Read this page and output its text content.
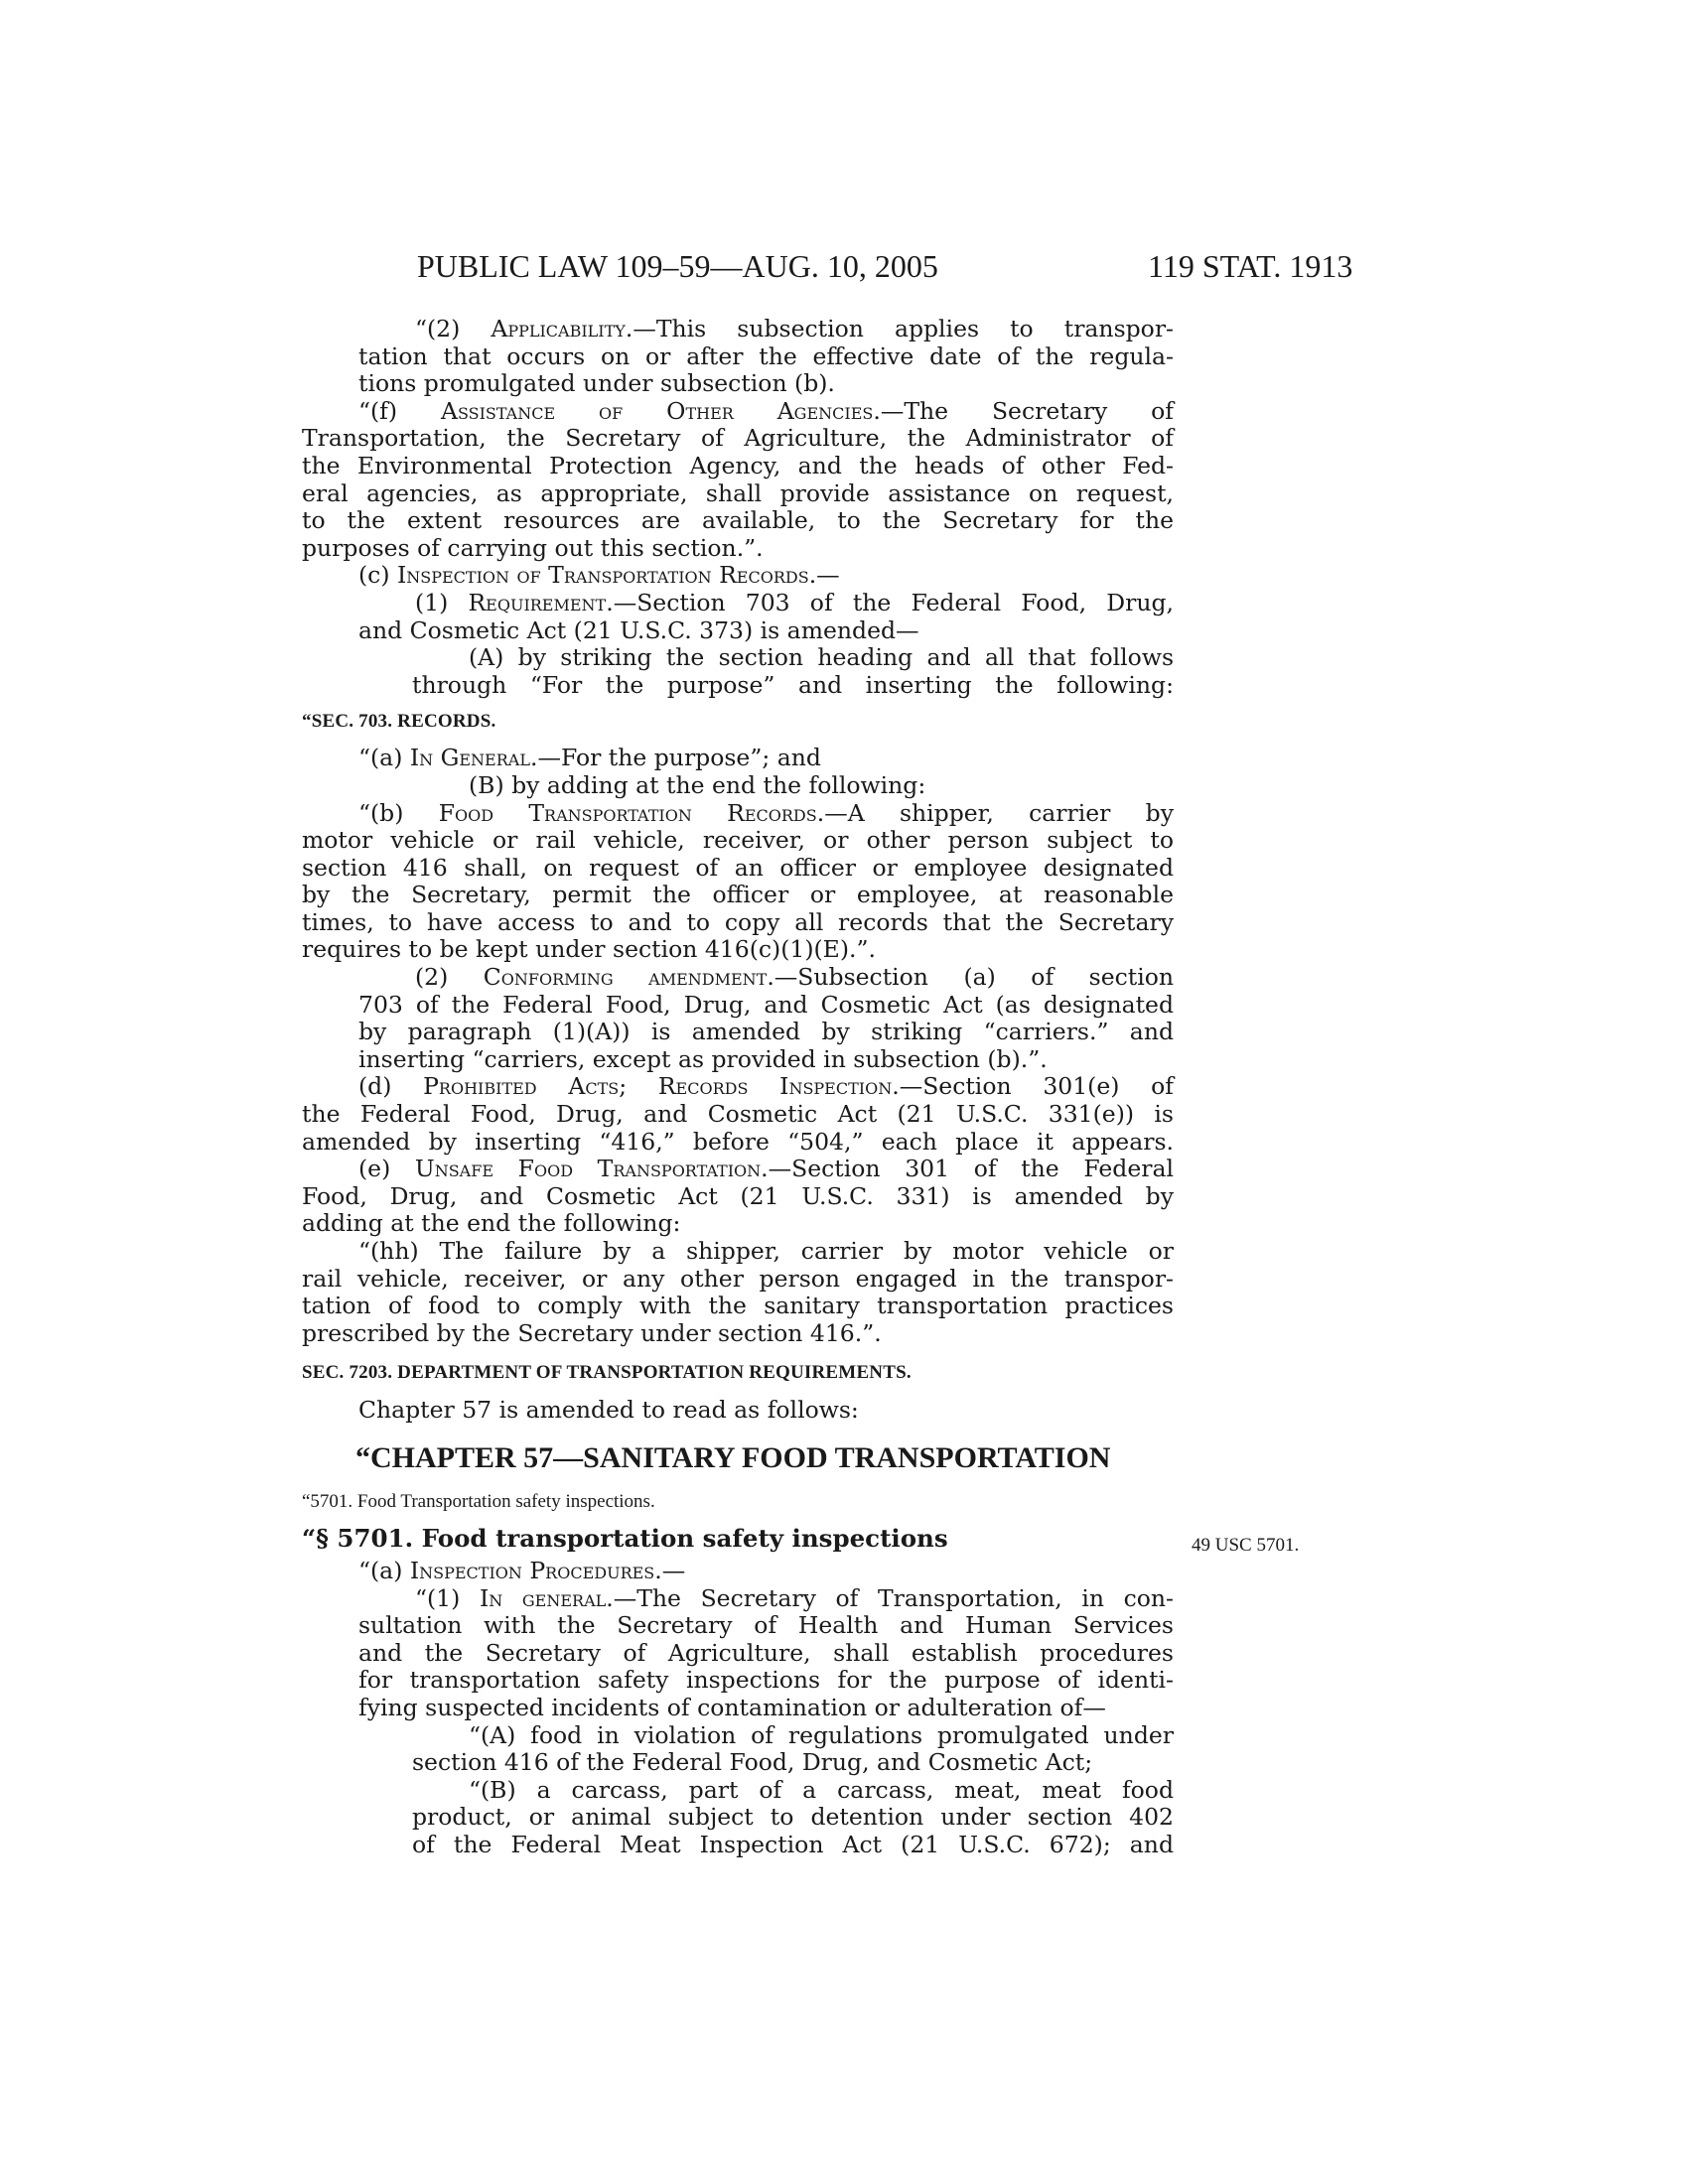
PUBLIC LAW 109–59—AUG. 10, 2005	119 STAT. 1913
“(2) Applicability.—This subsection applies to transpor-
tation that occurs on or after the effective date of the regula-
tions promulgated under subsection (b).
“(f) Assistance of Other Agencies.—The Secretary of
Transportation, the Secretary of Agriculture, the Administrator of
the Environmental Protection Agency, and the heads of other Fed-
eral agencies, as appropriate, shall provide assistance on request,
to the extent resources are available, to the Secretary for the
purposes of carrying out this section.”.
(c) Inspection of Transportation Records.—
(1) Requirement.—Section 703 of the Federal Food, Drug,
and Cosmetic Act (21 U.S.C. 373) is amended—
(A) by striking the section heading and all that follows
through “For the purpose” and inserting the following:
“SEC. 703. RECORDS.
“(a) In General.—For the purpose”; and
(B) by adding at the end the following:
“(b) Food Transportation Records.—A shipper, carrier by
motor vehicle or rail vehicle, receiver, or other person subject to
section 416 shall, on request of an officer or employee designated
by the Secretary, permit the officer or employee, at reasonable
times, to have access to and to copy all records that the Secretary
requires to be kept under section 416(c)(1)(E).”.
(2) Conforming amendment.—Subsection (a) of section
703 of the Federal Food, Drug, and Cosmetic Act (as designated
by paragraph (1)(A)) is amended by striking “carriers.” and
inserting “carriers, except as provided in subsection (b).”.
(d) Prohibited Acts; Records Inspection.—Section 301(e) of
the Federal Food, Drug, and Cosmetic Act (21 U.S.C. 331(e)) is
amended by inserting “416,” before “504,” each place it appears.
(e) Unsafe Food Transportation.—Section 301 of the Federal
Food, Drug, and Cosmetic Act (21 U.S.C. 331) is amended by
adding at the end the following:
“(hh) The failure by a shipper, carrier by motor vehicle or
rail vehicle, receiver, or any other person engaged in the transpor-
tation of food to comply with the sanitary transportation practices
prescribed by the Secretary under section 416.”.
SEC. 7203. DEPARTMENT OF TRANSPORTATION REQUIREMENTS.
Chapter 57 is amended to read as follows:
“CHAPTER 57—SANITARY FOOD TRANSPORTATION
“5701. Food Transportation safety inspections.
“§ 5701. Food transportation safety inspections
“(a) Inspection Procedures.—
“(1) In general.—The Secretary of Transportation, in con-
sultation with the Secretary of Health and Human Services
and the Secretary of Agriculture, shall establish procedures
for transportation safety inspections for the purpose of identi-
fying suspected incidents of contamination or adulteration of—
“(A) food in violation of regulations promulgated under
section 416 of the Federal Food, Drug, and Cosmetic Act;
“(B) a carcass, part of a carcass, meat, meat food
product, or animal subject to detention under section 402
of the Federal Meat Inspection Act (21 U.S.C. 672); and
49 USC 5701.
